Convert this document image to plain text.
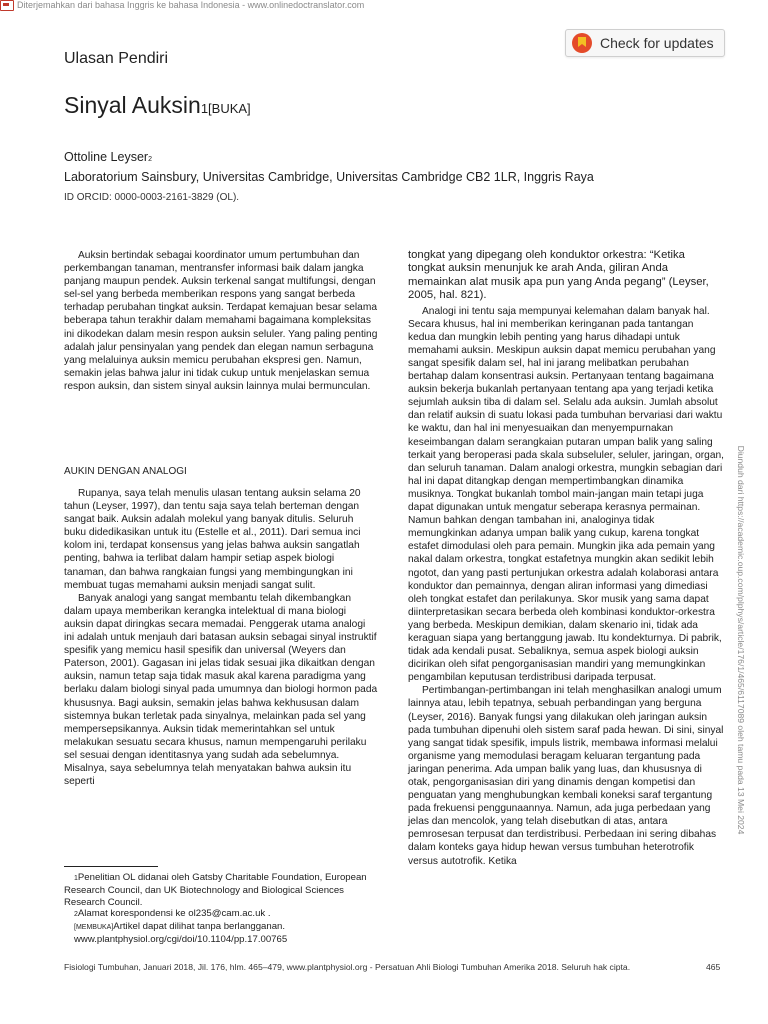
Diterjemahkan dari bahasa Inggris ke bahasa Indonesia - www.onlinedoctranslator.com
Ulasan Pendiri
Check for updates
Sinyal Auksin1[BUKA]
Ottoline Leyser2
Laboratorium Sainsbury, Universitas Cambridge, Universitas Cambridge CB2 1LR, Inggris Raya
ID ORCID: 0000-0003-2161-3829 (OL).

Auksin bertindak sebagai koordinator umum pertumbuhan dan perkembangan tanaman, mentransfer informasi baik dalam jangka panjang maupun pendek. Auksin terkenal sangat multifungsi, dengan sel-sel yang berbeda memberikan respons yang sangat berbeda terhadap perubahan tingkat auksin. Terdapat kemajuan besar selama beberapa tahun terakhir dalam memahami bagaimana kompleksitas ini dikodekan dalam mesin respon auksin seluler. Yang paling penting adalah jalur pensinyalan yang pendek dan elegan namun serbaguna yang melaluinya auksin memicu perubahan ekspresi gen. Namun, semakin jelas bahwa jalur ini tidak cukup untuk menjelaskan semua respon auksin, dan sistem sinyal auksin lainnya mulai bermunculan.

AUKIN DENGAN ANALOGI

Rupanya, saya telah menulis ulasan tentang auksin selama 20 tahun (Leyser, 1997), dan tentu saja saya telah berteman dengan sangat baik. Auksin adalah molekul yang banyak ditulis. Seluruh buku didedikasikan untuk itu (Estelle et al., 2011). Dari semua inci kolom ini, terdapat konsensus yang jelas bahwa auksin sangatlah penting, bahwa ia terlibat dalam hampir setiap aspek biologi tanaman, dan bahwa rangkaian fungsi yang membingungkan ini membuat tugas memahami auksin menjadi sangat sulit.

Banyak analogi yang sangat membantu telah dikembangkan dalam upaya memberikan kerangka intelektual di mana biologi auksin dapat diringkas secara memadai. Penggerak utama analogi ini adalah untuk menjauh dari batasan auksin sebagai sinyal instruktif spesifik yang memicu hasil spesifik dan universal (Weyers dan Paterson, 2001). Gagasan ini jelas tidak sesuai jika dikaitkan dengan auksin, namun tetap saja tidak masuk akal karena paradigma yang berlaku dalam biologi sinyal pada umumnya dan biologi hormon pada khususnya. Bagi auksin, semakin jelas bahwa kekhususan dalam sistemnya bukan terletak pada sinyalnya, melainkan pada sel yang mempersepsikannya. Auksin tidak memerintahkan sel untuk melakukan sesuatu secara khusus, namun mempengaruhi perilaku sel sesuai dengan identitasnya yang sudah ada sebelumnya. Misalnya, saya sebelumnya telah menyatakan bahwa auksin itu seperti

tongkat yang dipegang oleh konduktor orkestra: “Ketika tongkat auksin menunjuk ke arah Anda, giliran Anda memainkan alat musik apa pun yang Anda pegang” (Leyser, 2005, hal. 821).

Analogi ini tentu saja mempunyai kelemahan dalam banyak hal. Secara khusus, hal ini memberikan keringanan pada tantangan kedua dan mungkin lebih penting yang harus dihadapi untuk memahami auksin. Meskipun auksin dapat memicu perubahan yang sangat spesifik dalam sel, hal ini jarang melibatkan perubahan bertahap dalam konsentrasi auksin. Pertanyaan tentang bagaimana auksin bekerja bukanlah pertanyaan tentang apa yang terjadi ketika sejumlah auksin tiba di dalam sel. Selalu ada auksin. Jumlah absolut dan relatif auksin di suatu lokasi pada tumbuhan bervariasi dari waktu ke waktu, dan hal ini menyesuaikan dan menyempurnakan keseimbangan dalam serangkaian putaran umpan balik yang saling terkait yang beroperasi pada skala subseluler, seluler, jaringan, organ, dan seluruh tanaman. Dalam analogi orkestra, mungkin sebagian dari hal ini dapat ditangkap dengan mempertimbangkan dinamika musiknya. Tongkat bukanlah tombol main-jangan main tetapi juga dapat digunakan untuk mengatur seberapa kerasnya permainan. Namun bahkan dengan tambahan ini, analoginya tidak memungkinkan adanya umpan balik yang cukup, karena tongkat estafet dimodulasi oleh para pemain. Mungkin jika ada pemain yang nakal dalam orkestra, tongkat estafetnya mungkin akan sedikit lebih ngotot, dan yang pasti pertunjukan orkestra adalah kolaborasi antara konduktor dan pemainnya, dengan aliran informasi yang dimediasi oleh tongkat estafet dan perilakunya. Skor musik yang sama dapat diinterpretasikan secara berbeda oleh kombinasi konduktor-orkestra yang berbeda. Meskipun demikian, dalam skenario ini, tidak ada keraguan siapa yang bertanggung jawab. Itu kondekturnya. Di pabrik, tidak ada kendali pusat. Sebaliknya, semua aspek biologi auksin dicirikan oleh sifat pengorganisasian mandiri yang memungkinkan pengambilan keputusan terdistribusi daripada terpusat.

Pertimbangan-pertimbangan ini telah menghasilkan analogi umum lainnya atau, lebih tepatnya, sebuah perbandingan yang berguna (Leyser, 2016). Banyak fungsi yang dilakukan oleh jaringan auksin pada tumbuhan dipenuhi oleh sistem saraf pada hewan. Di sini, sinyal yang sangat tidak spesifik, impuls listrik, membawa informasi melalui organisme yang memodulasi beragam keluaran tergantung pada jaringan penerima. Ada umpan balik yang luas, dan khususnya di otak, pengorganisasian diri yang dinamis dengan kompetisi dan penguatan yang menghubungkan kembali koneksi saraf tergantung pada frekuensi penggunaannya. Namun, ada juga perbedaan yang jelas dan mencolok, yang telah disebutkan di atas, antara pemrosesan terpusat dan terdistribusi. Perbedaan ini sering dibahas dalam konteks gaya hidup hewan versus tumbuhan heterotrofik versus autotrofik. Ketika

1Penelitian OL didanai oleh Gatsby Charitable Foundation, European Research Council, dan UK Biotechnology and Biological Sciences Research Council.
2Alamat korespondensi ke ol235@cam.ac.uk .
[MEMBUKA]Artikel dapat dilihat tanpa berlangganan.
www.plantphysiol.org/cgi/doi/10.1104/pp.17.00765
Diunduh dari https://academic.oup.com/plphys/article/176/1/465/6117089 oleh tamu pada 13 Mei 2024
Fisiologi Tumbuhan, Januari 2018, Jil. 176, hlm. 465–479, www.plantphysiol.org - Persatuan Ahli Biologi Tumbuhan Amerika 2018. Seluruh hak cipta.	465
